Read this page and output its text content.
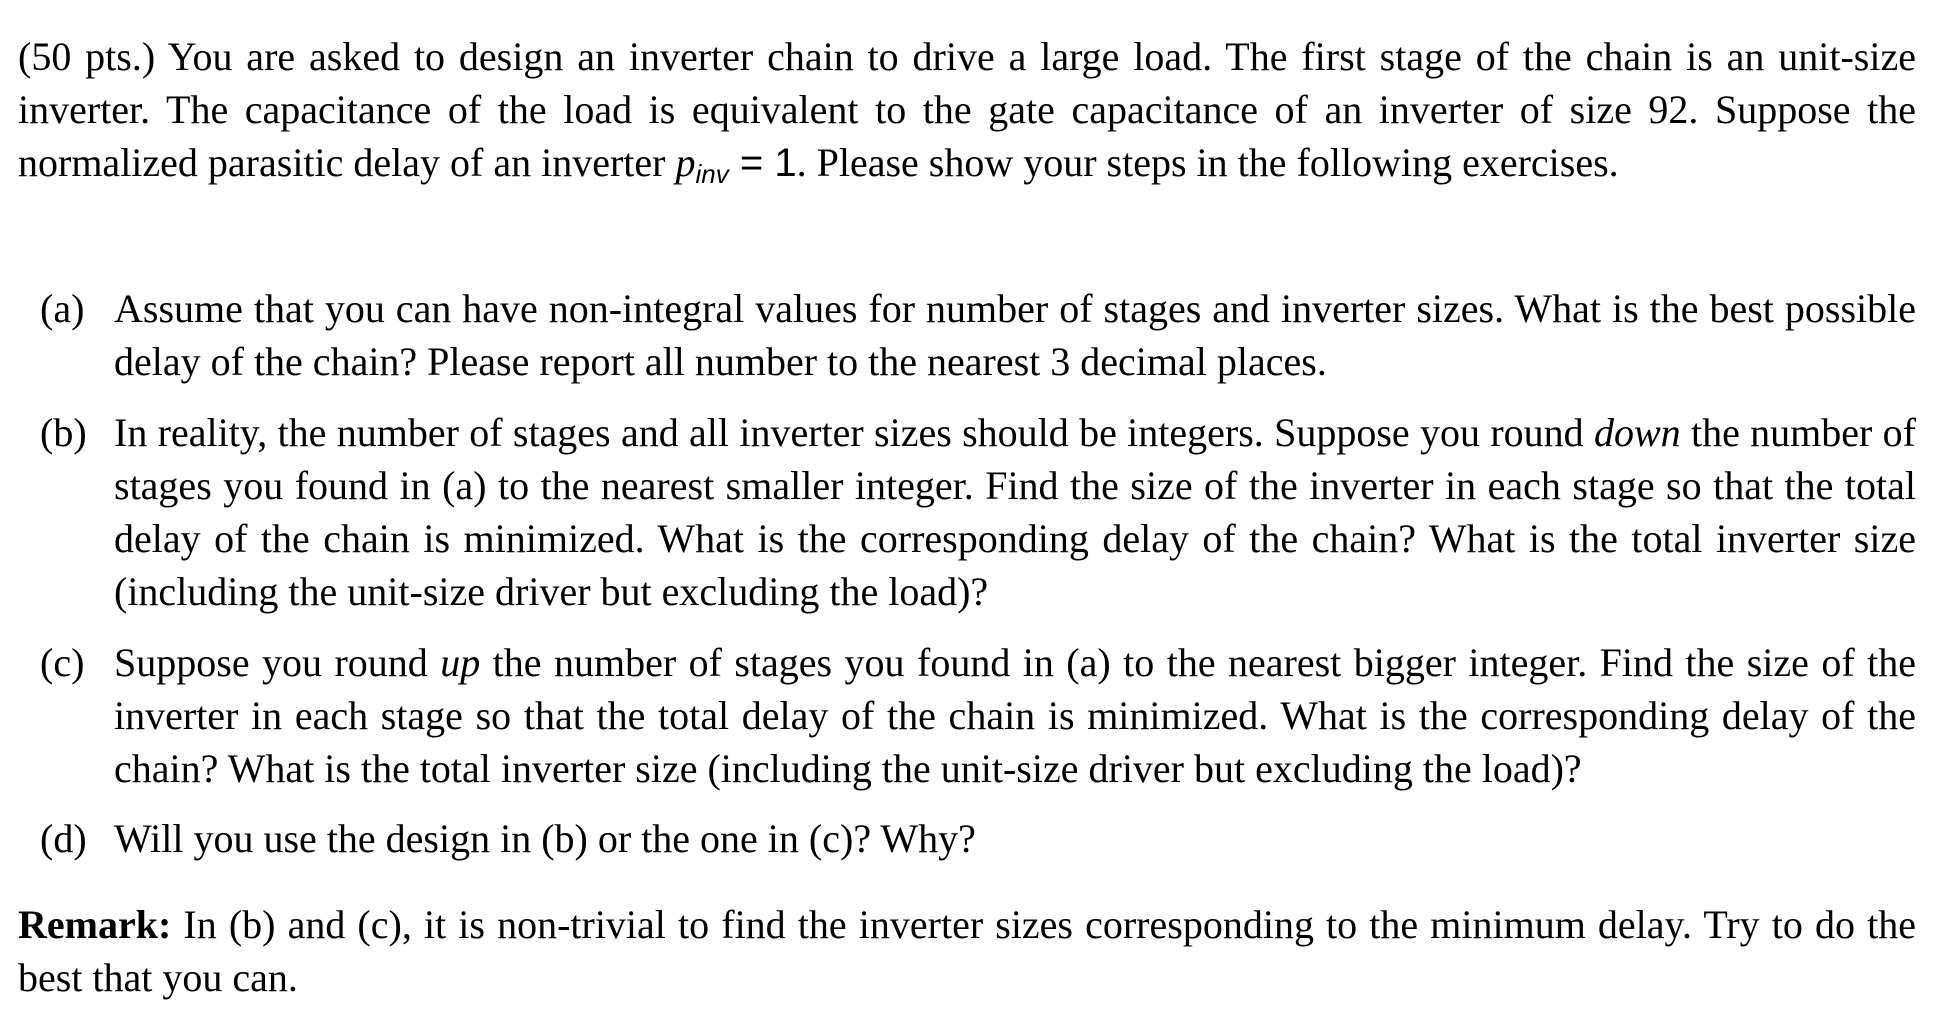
(50 pts.) You are asked to design an inverter chain to drive a large load. The first stage of the chain is an unit-size inverter. The capacitance of the load is equivalent to the gate capacitance of an inverter of size 92. Suppose the normalized parasitic delay of an inverter $p_{inv} = 1$. Please show your steps in the following exercises.
(a) Assume that you can have non-integral values for number of stages and inverter sizes. What is the best possible delay of the chain? Please report all number to the nearest 3 decimal places.
(b) In reality, the number of stages and all inverter sizes should be integers. Suppose you round down the number of stages you found in (a) to the nearest smaller integer. Find the size of the inverter in each stage so that the total delay of the chain is minimized. What is the corresponding delay of the chain? What is the total inverter size (including the unit-size driver but excluding the load)?
(c) Suppose you round up the number of stages you found in (a) to the nearest bigger integer. Find the size of the inverter in each stage so that the total delay of the chain is minimized. What is the corresponding delay of the chain? What is the total inverter size (including the unit-size driver but excluding the load)?
(d) Will you use the design in (b) or the one in (c)? Why?
Remark: In (b) and (c), it is non-trivial to find the inverter sizes corresponding to the minimum delay. Try to do the best that you can.
